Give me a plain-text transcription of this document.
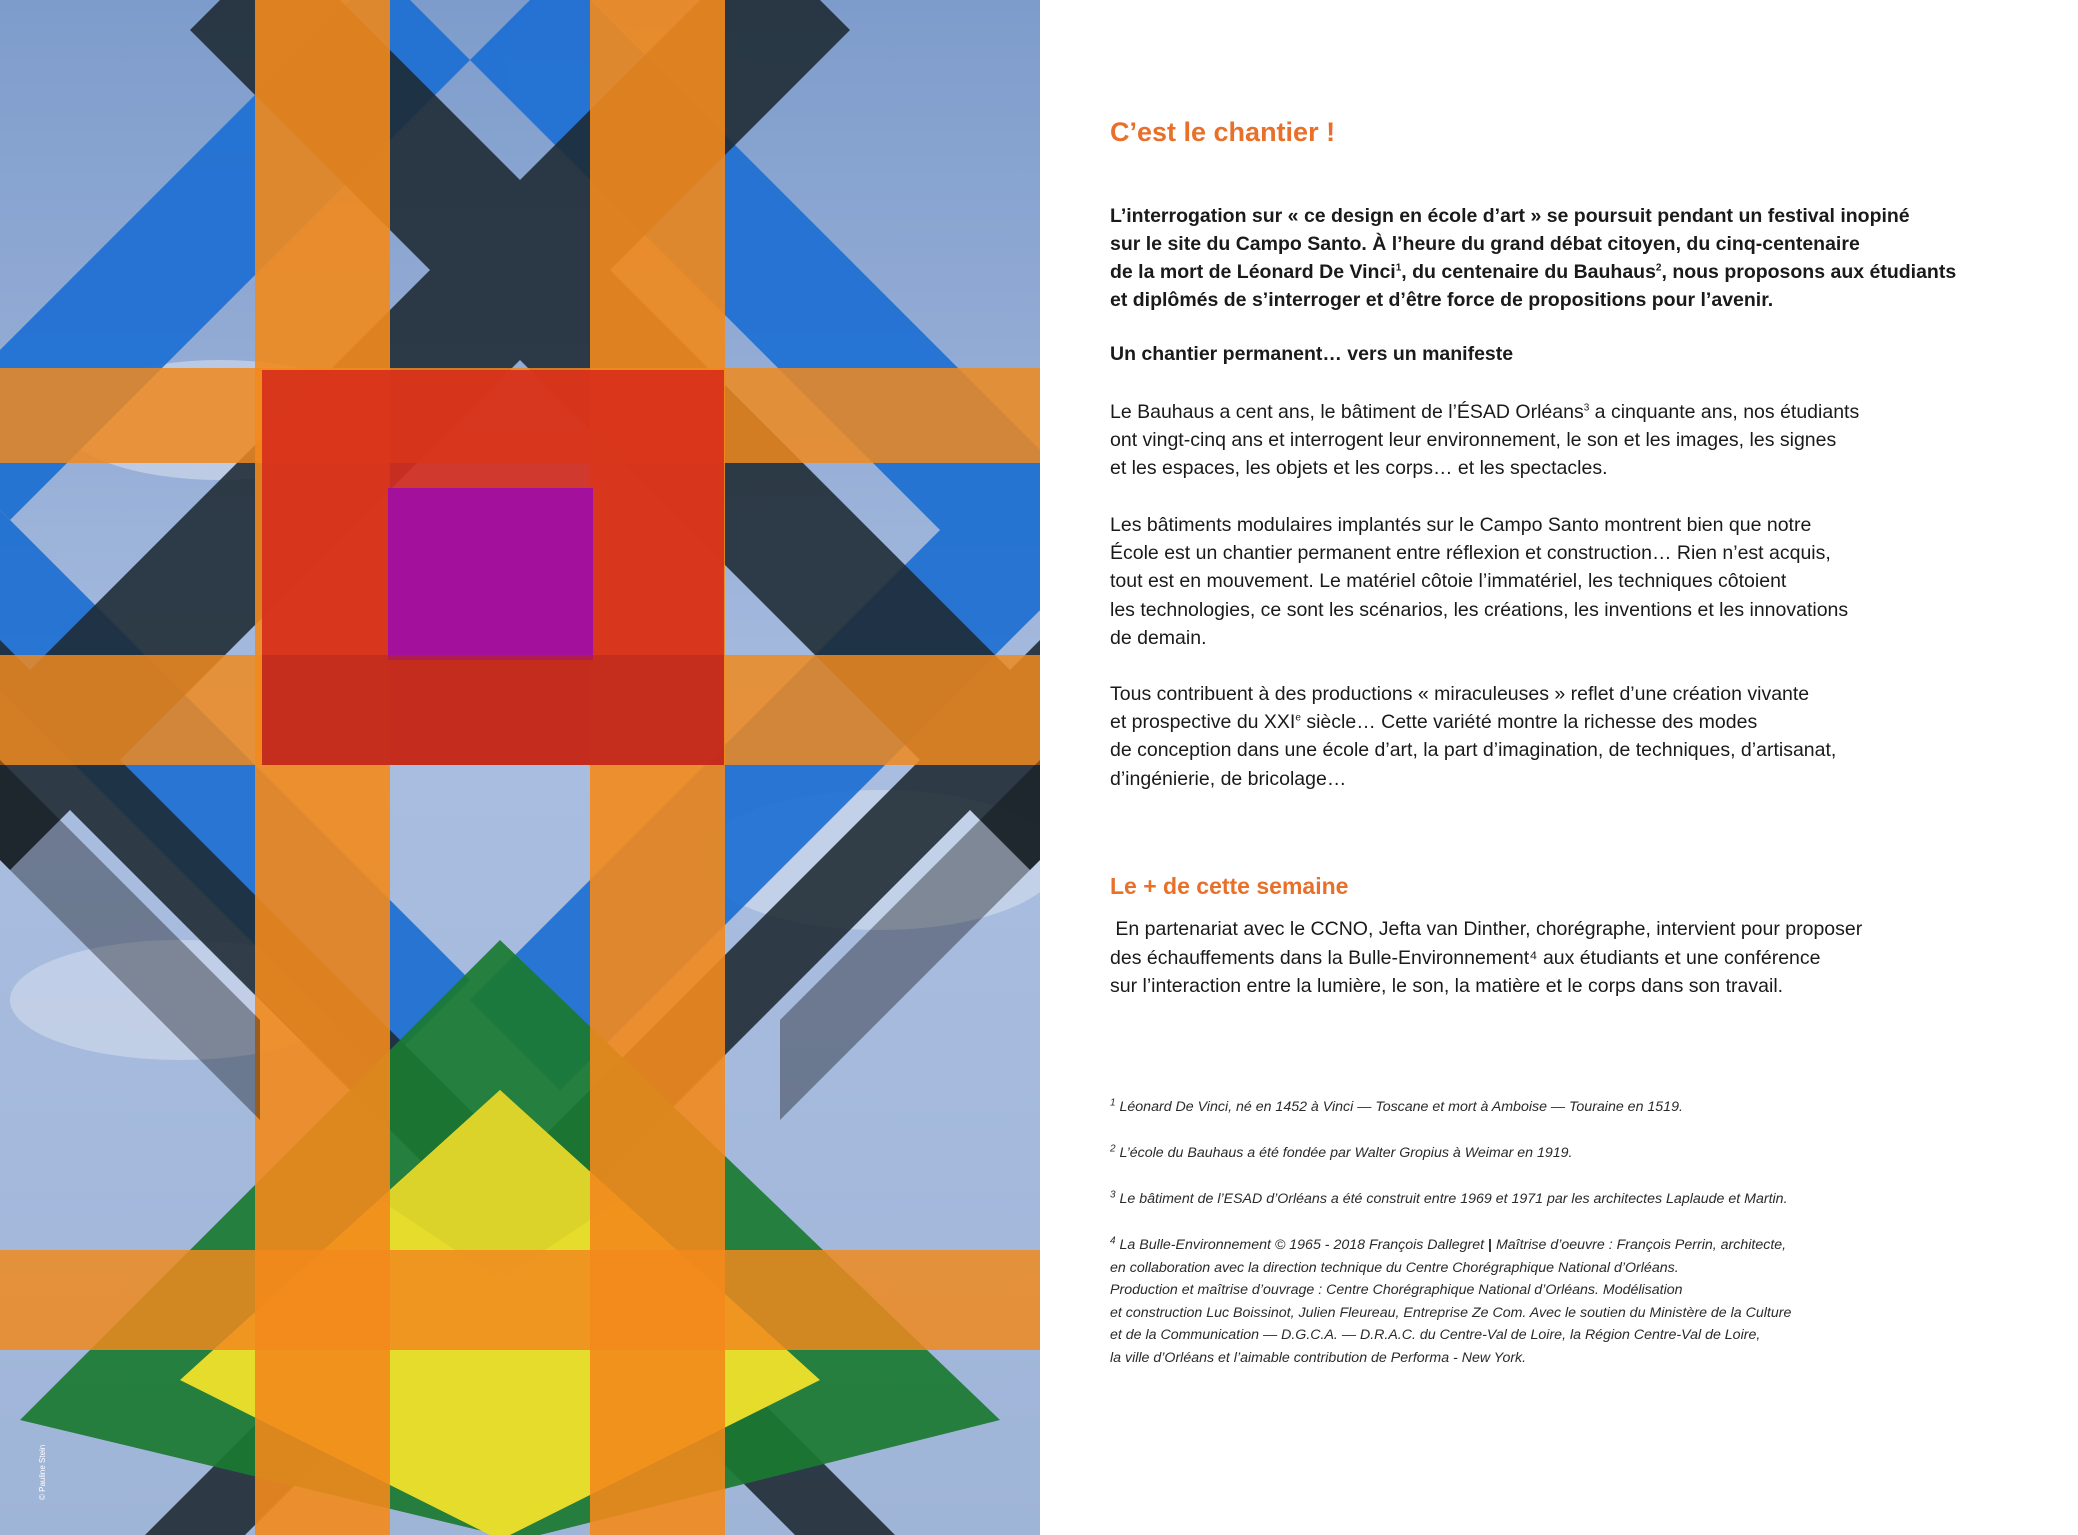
© Pauline Stein
C’est le chantier !

L’interrogation sur « ce design en école d’art » se poursuit pendant un festival inopiné
sur le site du Campo Santo. À l’heure du grand débat citoyen, du cinq-centenaire
de la mort de Léonard De Vinci$^1$, du centenaire du Bauhaus$^2$, nous proposons aux étudiants
et diplômés de s’interroger et d’être force de propositions pour l’avenir.

Un chantier permanent… vers un manifeste

Le Bauhaus a cent ans, le bâtiment de l’ÉSAD Orléans$^3$ a cinquante ans, nos étudiants
ont vingt-cinq ans et interrogent leur environnement, le son et les images, les signes
et les espaces, les objets et les corps… et les spectacles.

Les bâtiments modulaires implantés sur le Campo Santo montrent bien que notre
École est un chantier permanent entre réflexion et construction… Rien n’est acquis,
tout est en mouvement. Le matériel côtoie l’immatériel, les techniques côtoient
les technologies, ce sont les scénarios, les créations, les inventions et les innovations
de demain.

Tous contribuent à des productions « miraculeuses » reflet d’une création vivante
et prospective du XXIe siècle… Cette variété montre la richesse des modes
de conception dans une école d’art, la part d’imagination, de techniques, d’artisanat,
d’ingénierie, de bricolage…

Le + de cette semaine

En partenariat avec le CCNO, Jefta van Dinther, chorégraphe, intervient pour proposer
des échauffements dans la Bulle-Environnement⁴ aux étudiants et une conférence
sur l’interaction entre la lumière, le son, la matière et le corps dans son travail.

$^1$ Léonard De Vinci, né en 1452 à Vinci — Toscane et mort à Amboise — Touraine en 1519.

$^2$ L’école du Bauhaus a été fondée par Walter Gropius à Weimar en 1919.

$^3$ Le bâtiment de l’ESAD d’Orléans a été construit entre 1969 et 1971 par les architectes Laplaude et Martin.

$^4$ La Bulle-Environnement © 1965 - 2018 François Dallegret | Maîtrise d’oeuvre : François Perrin, architecte,
en collaboration avec la direction technique du Centre Chorégraphique National d’Orléans.
Production et maîtrise d’ouvrage : Centre Chorégraphique National d’Orléans. Modélisation
et construction Luc Boissinot, Julien Fleureau, Entreprise Ze Com. Avec le soutien du Ministère de la Culture
et de la Communication — D.G.C.A. — D.R.A.C. du Centre-Val de Loire, la Région Centre-Val de Loire,
la ville d’Orléans et l’aimable contribution de Performa - New York.
